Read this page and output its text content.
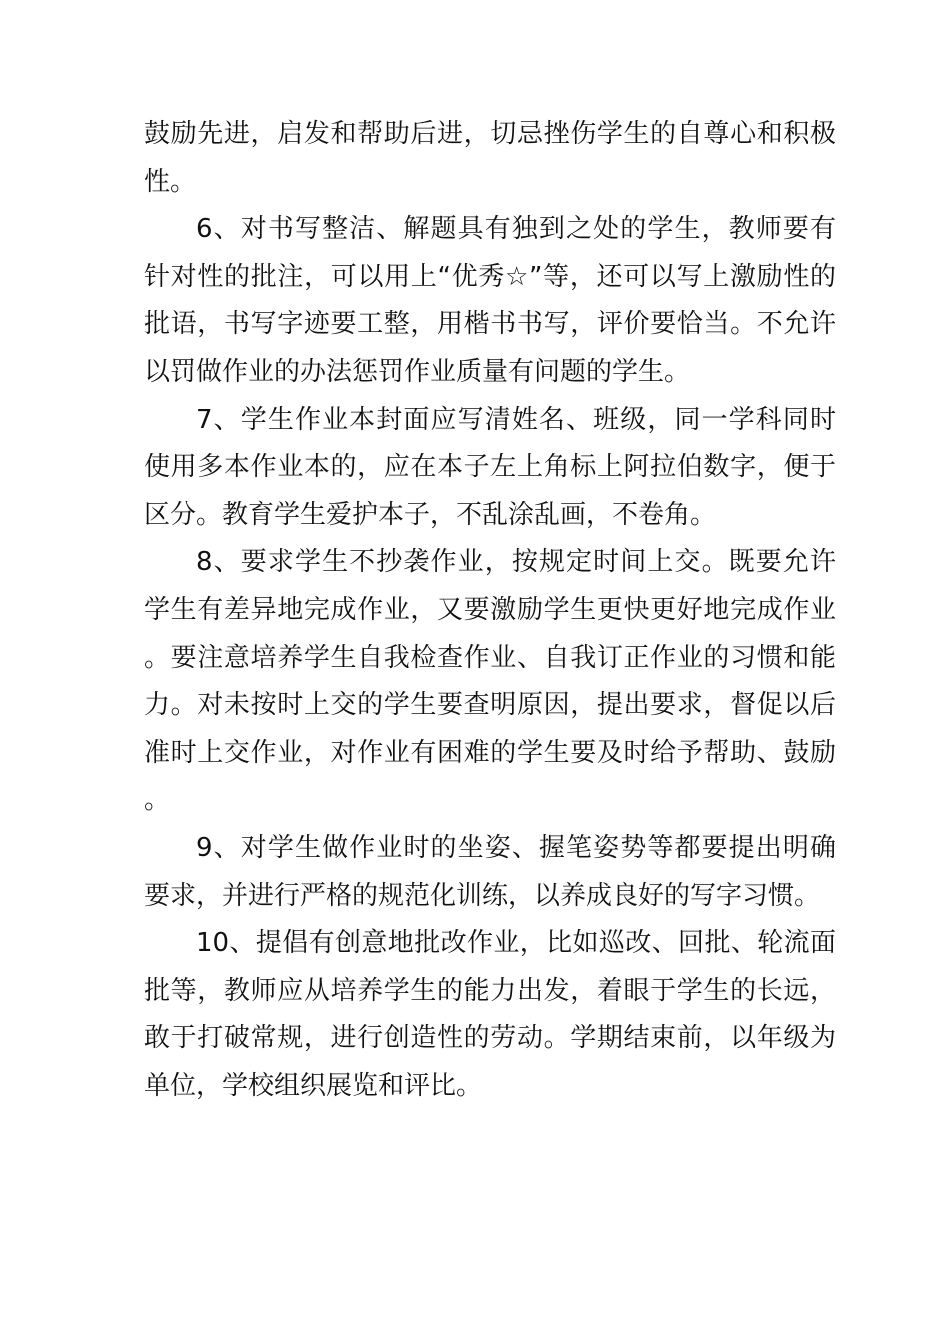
鼓励先进，启发和帮助后进，切忌挫伤学生的自尊心和积极性。

6、对书写整洁、解题具有独到之处的学生，教师要有针对性的批注，可以用上“优秀☆”等，还可以写上激励性的批语，书写字迹要工整，用楷书书写，评价要恰当。不允许以罚做作业的办法惩罚作业质量有问题的学生。

7、学生作业本封面应写清姓名、班级，同一学科同时使用多本作业本的，应在本子左上角标上阿拉伯数字，便于区分。教育学生爱护本子，不乱涂乱画，不卷角。

8、要求学生不抄袭作业，按规定时间上交。既要允许学生有差异地完成作业，又要激励学生更快更好地完成作业。要注意培养学生自我检查作业、自我订正作业的习惯和能力。对未按时上交的学生要查明原因，提出要求，督促以后准时上交作业，对作业有困难的学生要及时给予帮助、鼓励。

9、对学生做作业时的坐姿、握笔姿势等都要提出明确要求，并进行严格的规范化训练，以养成良好的写字习惯。

10、提倡有创意地批改作业，比如巡改、回批、轮流面批等，教师应从培养学生的能力出发，着眼于学生的长远，敢于打破常规，进行创造性的劳动。学期结束前，以年级为单位，学校组织展览和评比。
